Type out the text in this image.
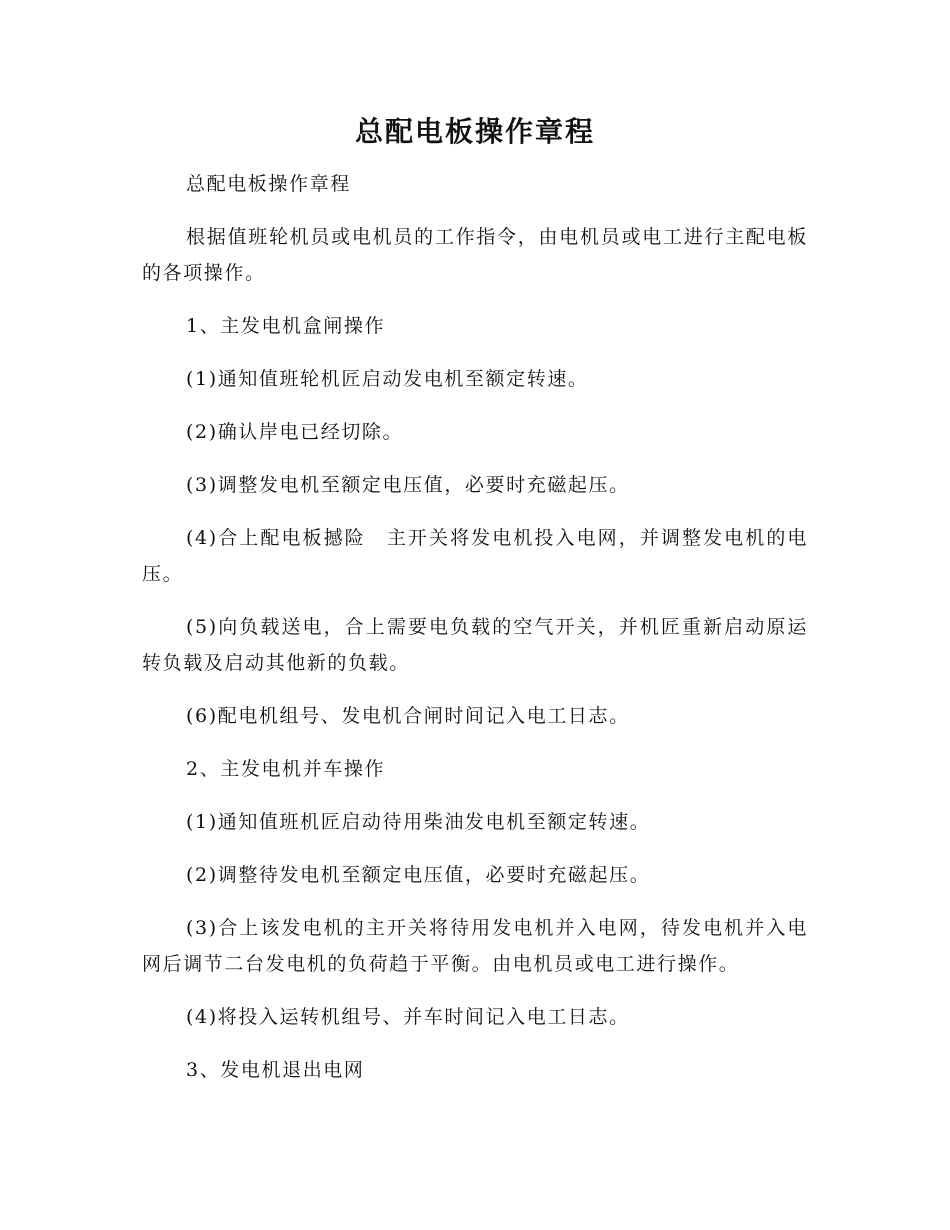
总配电板操作章程

总配电板操作章程

根据值班轮机员或电机员的工作指令，由电机员或电工进行主配电板的各项操作。

1、主发电机盒闸操作

(1)通知值班轮机匠启动发电机至额定转速。

(2)确认岸电已经切除。

(3)调整发电机至额定电压值，必要时充磁起压。

(4)合上配电板撼险　主开关将发电机投入电网，并调整发电机的电压。

(5)向负载送电，合上需要电负载的空气开关，并机匠重新启动原运转负载及启动其他新的负载。

(6)配电机组号、发电机合闸时间记入电工日志。

2、主发电机并车操作

(1)通知值班机匠启动待用柴油发电机至额定转速。

(2)调整待发电机至额定电压值，必要时充磁起压。

(3)合上该发电机的主开关将待用发电机并入电网，待发电机并入电网后调节二台发电机的负荷趋于平衡。由电机员或电工进行操作。

(4)将投入运转机组号、并车时间记入电工日志。

3、发电机退出电网
